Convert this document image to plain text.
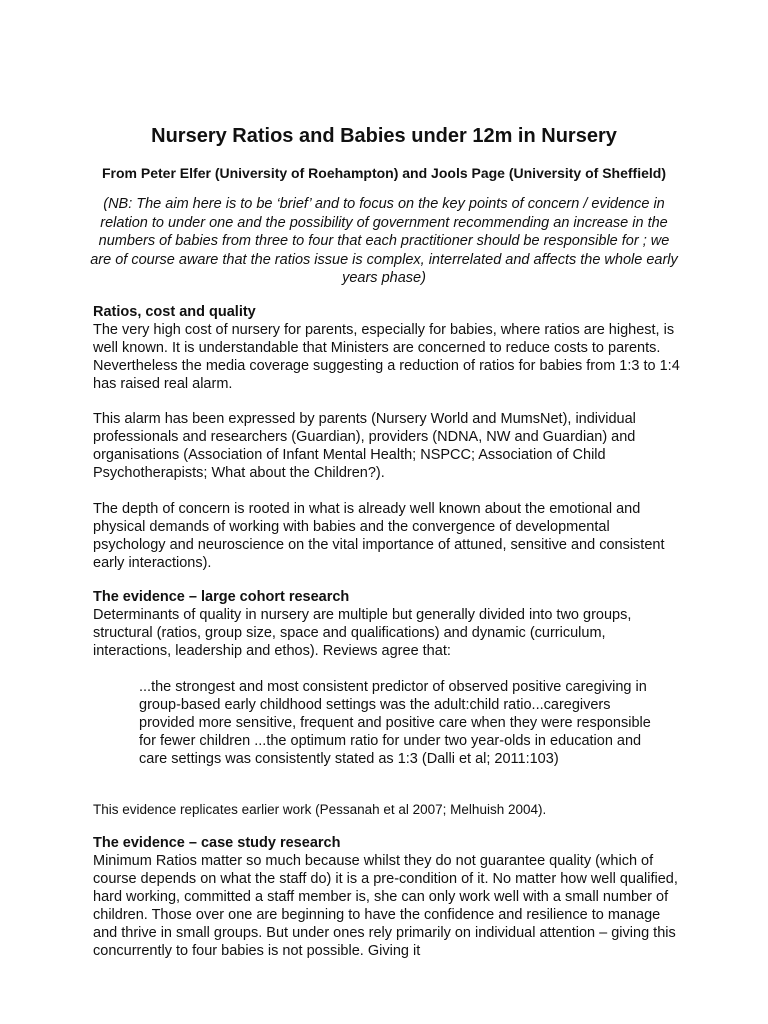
Nursery Ratios and Babies under 12m in Nursery
From Peter Elfer (University of Roehampton) and Jools Page (University of Sheffield)
(NB: The aim here is to be ‘brief’ and to focus on the key points of concern / evidence in relation to under one and the possibility of government recommending an increase in the numbers of babies from three to four that each practitioner should be responsible for ; we are of course aware that the ratios issue is complex, interrelated and affects the whole early years phase)
Ratios, cost and quality
The very high cost of nursery for parents, especially for babies, where ratios are highest, is well known. It is understandable that Ministers are concerned to reduce costs to parents. Nevertheless the media coverage suggesting a reduction of ratios for babies from 1:3 to 1:4 has raised real alarm.
This alarm has been expressed by parents (Nursery World and MumsNet), individual professionals and researchers (Guardian), providers (NDNA, NW and Guardian) and organisations (Association of Infant Mental Health; NSPCC; Association of Child Psychotherapists; What about the Children?).
The depth of concern is rooted in what is already well known about the emotional and physical demands of working with babies and the convergence of developmental psychology and neuroscience on the vital importance of attuned, sensitive and consistent early interactions).
The evidence – large cohort research
Determinants of quality in nursery are multiple but generally divided into two groups, structural (ratios, group size, space and qualifications) and dynamic (curriculum, interactions, leadership and ethos). Reviews agree that:
...the strongest and most consistent predictor of observed positive caregiving in group-based early childhood settings was the adult:child ratio...caregivers provided more sensitive, frequent and positive care when they were responsible for fewer children ...the optimum ratio for under two year-olds in education and care settings was consistently stated as 1:3 (Dalli et al; 2011:103)
This evidence replicates earlier work (Pessanah et al 2007; Melhuish 2004).
The evidence – case study research
Minimum Ratios matter so much because whilst they do not guarantee quality (which of course depends on what the staff do) it is a pre-condition of it. No matter how well qualified, hard working, committed a staff member is, she can only work well with a small number of children. Those over one are beginning to have the confidence and resilience to manage and thrive in small groups. But under ones rely primarily on individual attention – giving this concurrently to four babies is not possible. Giving it
